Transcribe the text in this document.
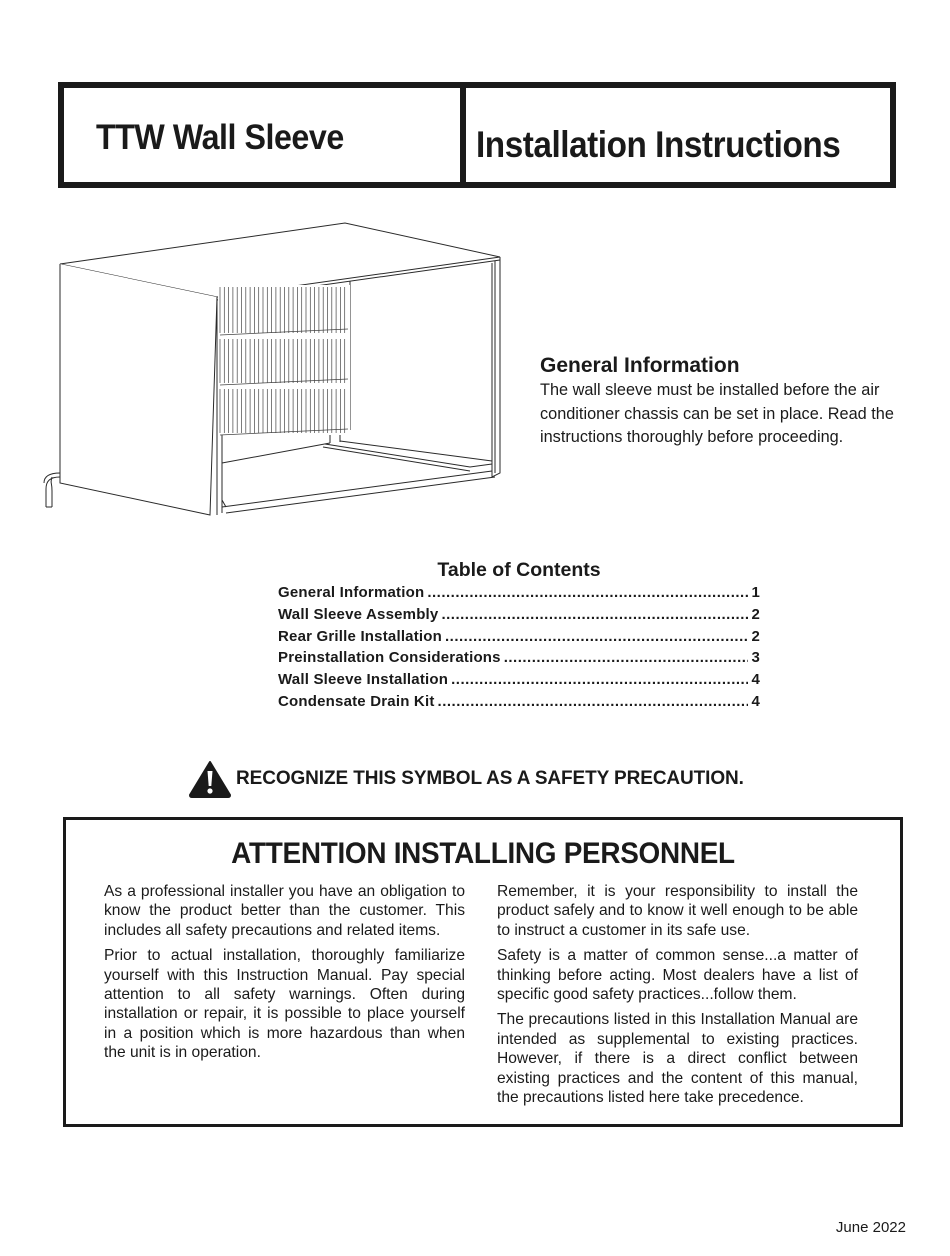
TTW Wall Sleeve	Installation Instructions
General Information

The wall sleeve must be installed before the air conditioner chassis can be set in place. Read the instructions thoroughly before proceeding.

Table of Contents
General Information .....	1
Wall Sleeve Assembly .....	2
Rear Grille Installation .....	2
Preinstallation Considerations .....	3
Wall Sleeve Installation .....	4
Condensate Drain Kit .....	4
RECOGNIZE THIS SYMBOL AS A SAFETY PRECAUTION.
ATTENTION INSTALLING PERSONNEL

As a professional installer you have an obligation to know the product better than the customer. This includes all safety precautions and related items.

Prior to actual installation, thoroughly familiarize yourself with this Instruction Manual. Pay special attention to all safety warnings. Often during installation or repair, it is possible to place yourself in a position which is more hazardous than when the unit is in operation.

Remember, it is your responsibility to install the product safely and to know it well enough to be able to instruct a customer in its safe use.

Safety is a matter of common sense...a matter of thinking before acting. Most dealers have a list of specific good safety practices...follow them.

The precautions listed in this Installation Manual are intended as supplemental to existing practices. However, if there is a direct conflict between existing practices and the content of this manual, the precautions listed here take precedence.

June 2022
